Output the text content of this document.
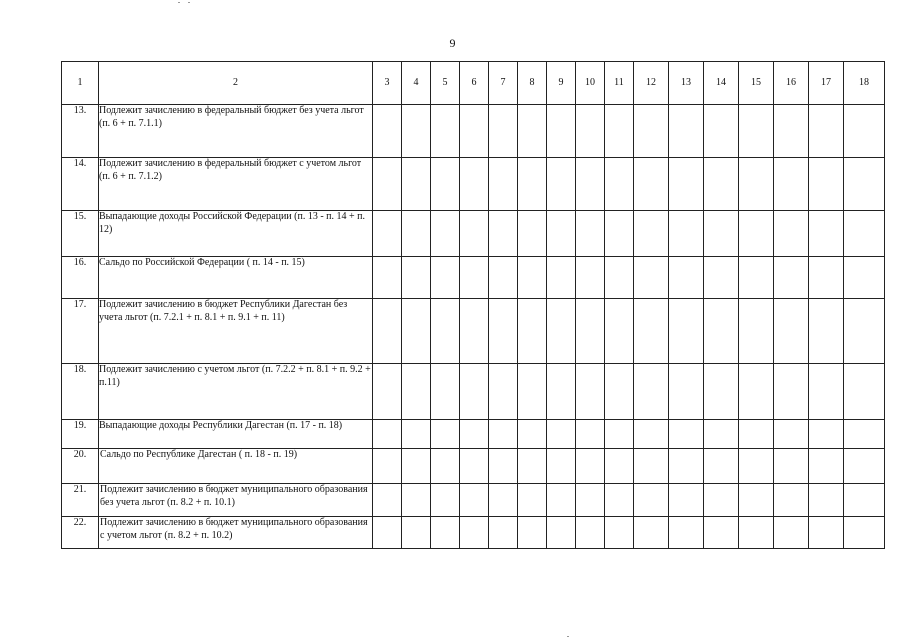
9
1	2	3	4	5	6	7	8	9	10	11	12	13	14	15	16	17	18
13.	Подлежит зачислению в федеральный бюджет без учета льгот (п. 6 + п. 7.1.1)																
14.	Подлежит зачислению в федеральный бюджет с учетом льгот (п. 6 + п. 7.1.2)																
15.	Выпадающие доходы Российской Федерации (п. 13 - п. 14 + п. 12)																
16.	Сальдо по Российской Федерации ( п. 14 - п. 15)																
17.	Подлежит зачислению в бюджет Республики Дагестан без учета льгот (п. 7.2.1 + п. 8.1 + п. 9.1 + п. 11)																
18.	Подлежит зачислению с учетом льгот (п. 7.2.2 + п. 8.1 + п. 9.2 + п.11)																
19.	Выпадающие доходы Республики Дагестан (п. 17 - п. 18)																
20.	Сальдо по Республике Дагестан ( п. 18 - п. 19)																
21.	Подлежит зачислению в бюджет муниципального образования без учета льгот (п. 8.2 + п. 10.1)																
22.	Подлежит зачислению в бюджет муниципального образования с учетом льгот (п. 8.2 + п. 10.2)																
